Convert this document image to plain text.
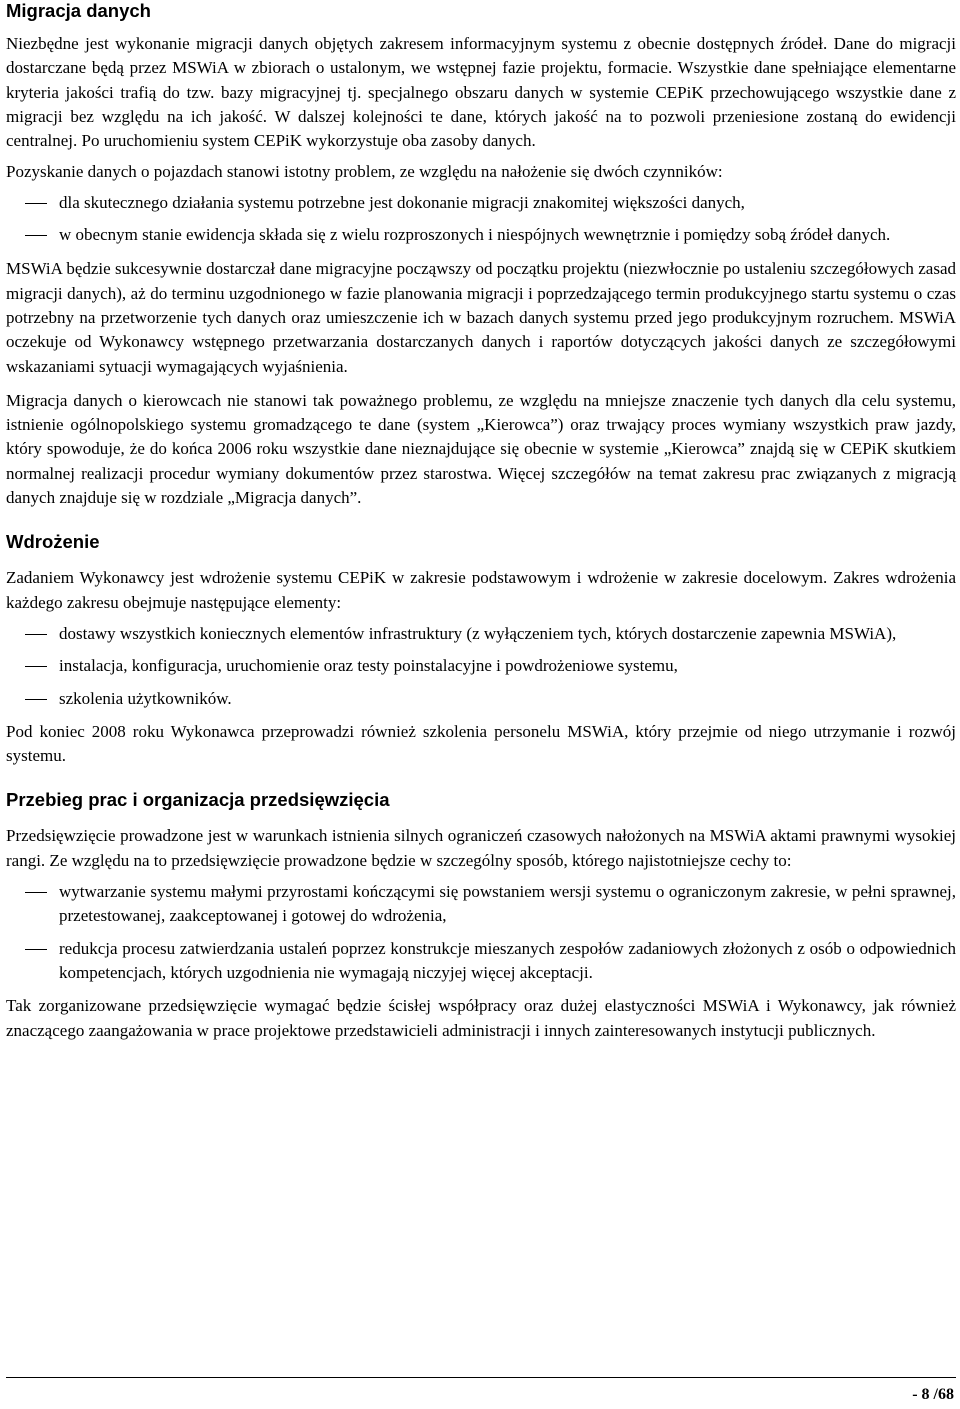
Migracja danych

Niezbędne jest wykonanie migracji danych objętych zakresem informacyjnym systemu z obecnie dostępnych źródeł. Dane do migracji dostarczane będą przez MSWiA w zbiorach o ustalonym, we wstępnej fazie projektu, formacie. Wszystkie dane spełniające elementarne kryteria jakości trafią do tzw. bazy migracyjnej tj. specjalnego obszaru danych w systemie CEPiK przechowującego wszystkie dane z migracji bez względu na ich jakość. W dalszej kolejności te dane, których jakość na to pozwoli przeniesione zostaną do ewidencji centralnej. Po uruchomieniu system CEPiK wykorzystuje oba zasoby danych.

Pozyskanie danych o pojazdach stanowi istotny problem, ze względu na nałożenie się dwóch czynników:

dla skutecznego działania systemu potrzebne jest dokonanie migracji znakomitej większości danych,
w obecnym stanie ewidencja składa się z wielu rozproszonych i niespójnych wewnętrznie i pomiędzy sobą źródeł danych.

MSWiA będzie sukcesywnie dostarczał dane migracyjne począwszy od początku projektu (niezwłocznie po ustaleniu szczegółowych zasad migracji danych), aż do terminu uzgodnionego w fazie planowania migracji i poprzedzającego termin produkcyjnego startu systemu o czas potrzebny na przetworzenie tych danych oraz umieszczenie ich w bazach danych systemu przed jego produkcyjnym rozruchem. MSWiA oczekuje od Wykonawcy wstępnego przetwarzania dostarczanych danych i raportów dotyczących jakości danych ze szczegółowymi wskazaniami sytuacji wymagających wyjaśnienia.

Migracja danych o kierowcach nie stanowi tak poważnego problemu, ze względu na mniejsze znaczenie tych danych dla celu systemu, istnienie ogólnopolskiego systemu gromadzącego te dane (system „Kierowca”) oraz trwający proces wymiany wszystkich praw jazdy, który spowoduje, że do końca 2006 roku wszystkie dane nieznajdujące się obecnie w systemie „Kierowca” znajdą się w CEPiK skutkiem normalnej realizacji procedur wymiany dokumentów przez starostwa. Więcej szczegółów na temat zakresu prac związanych z migracją danych znajduje się w rozdziale „Migracja danych”.

Wdrożenie

Zadaniem Wykonawcy jest wdrożenie systemu CEPiK w zakresie podstawowym i wdrożenie w zakresie docelowym. Zakres wdrożenia każdego zakresu obejmuje następujące elementy:

dostawy wszystkich koniecznych elementów infrastruktury (z wyłączeniem tych, których dostarczenie zapewnia MSWiA),
instalacja, konfiguracja, uruchomienie oraz testy poinstalacyjne i powdrożeniowe systemu,
szkolenia użytkowników.

Pod koniec 2008 roku Wykonawca przeprowadzi również szkolenia personelu MSWiA, który przejmie od niego utrzymanie i rozwój systemu.

Przebieg prac i organizacja przedsięwzięcia

Przedsięwzięcie prowadzone jest w warunkach istnienia silnych ograniczeń czasowych nałożonych na MSWiA aktami prawnymi wysokiej rangi. Ze względu na to przedsięwzięcie prowadzone będzie w szczególny sposób, którego najistotniejsze cechy to:

wytwarzanie systemu małymi przyrostami kończącymi się powstaniem wersji systemu o ograniczonym zakresie, w pełni sprawnej, przetestowanej, zaakceptowanej i gotowej do wdrożenia,
redukcja procesu zatwierdzania ustaleń poprzez konstrukcje mieszanych zespołów zadaniowych złożonych z osób o odpowiednich kompetencjach, których uzgodnienia nie wymagają niczyjej więcej akceptacji.

Tak zorganizowane przedsięwzięcie wymagać będzie ścisłej współpracy oraz dużej elastyczności MSWiA i Wykonawcy, jak również znaczącego zaangażowania w prace projektowe przedstawicieli administracji i innych zainteresowanych instytucji publicznych.

- 8 /68
